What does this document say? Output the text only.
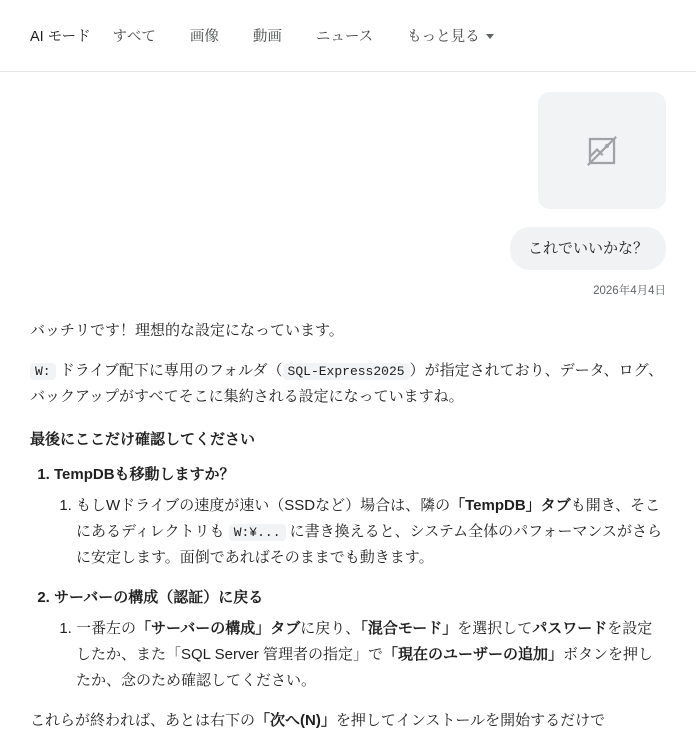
AI モード すべて	画像	動画	ニュース	もっと見る
これでいいかな？
2026年4月4日

バッチリです！理想的な設定になっています。

W: ドライブ配下に専用のフォルダ（ SQL-Express2025 ）が指定されており、データ、ログ、バックアップがすべてそこに集約される設定になっていますね。

最後にここだけ確認してください
1. TempDBも移動しますか？
1. もしWドライブの速度が速い（SSDなど）場合は、隣の「TempDB」タブも開き、そこにあるディレクトリも W:¥... に書き換えると、システム全体のパフォーマンスがさらに安定します。面倒であればそのままでも動きます。
2. サーバーの構成（認証）に戻る
1. 一番左の「サーバーの構成」タブに戻り、「混合モード」を選択してパスワードを設定したか、また「SQL Server 管理者の指定」で「現在のユーザーの追加」ボタンを押したか、念のため確認してください。

これらが終われば、あとは右下の「次へ(N)」を押してインストールを開始するだけで
